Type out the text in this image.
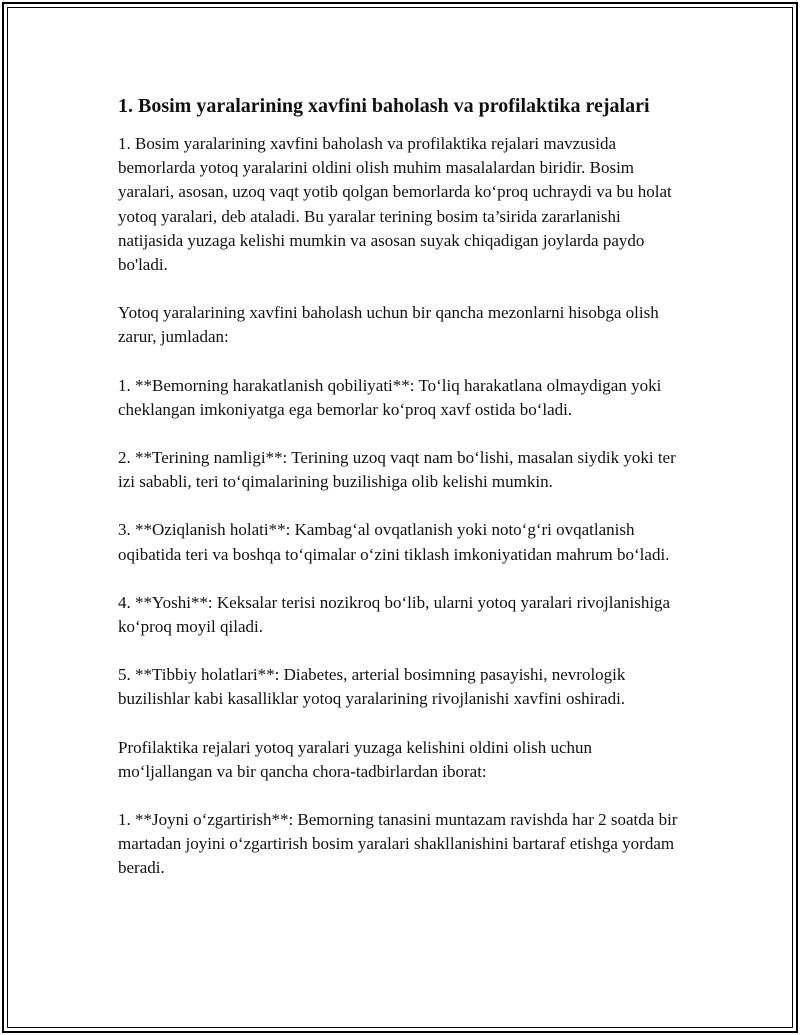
1. Bosim yaralarining xavfini baholash va profilaktika rejalari

1. Bosim yaralarining xavfini baholash va profilaktika rejalari mavzusida bemorlarda yotoq yaralarini oldini olish muhim masalalardan biridir. Bosim yaralari, asosan, uzoq vaqt yotib qolgan bemorlarda ko‘proq uchraydi va bu holat yotoq yaralari, deb ataladi. Bu yaralar terining bosim ta’sirida zararlanishi natijasida yuzaga kelishi mumkin va asosan suyak chiqadigan joylarda paydo bo'ladi.

Yotoq yaralarining xavfini baholash uchun bir qancha mezonlarni hisobga olish zarur, jumladan:

1. **Bemorning harakatlanish qobiliyati**: To‘liq harakatlana olmaydigan yoki cheklangan imkoniyatga ega bemorlar ko‘proq xavf ostida bo‘ladi.

2. **Terining namligi**: Terining uzoq vaqt nam bo‘lishi, masalan siydik yoki ter izi sababli, teri to‘qimalarining buzilishiga olib kelishi mumkin.

3. **Oziqlanish holati**: Kambag‘al ovqatlanish yoki noto‘g‘ri ovqatlanish oqibatida teri va boshqa to‘qimalar o‘zini tiklash imkoniyatidan mahrum bo‘ladi.

4. **Yoshi**: Keksalar terisi nozikroq bo‘lib, ularni yotoq yaralari rivojlanishiga ko‘proq moyil qiladi.

5. **Tibbiy holatlari**: Diabetes, arterial bosimning pasayishi, nevrologik buzilishlar kabi kasalliklar yotoq yaralarining rivojlanishi xavfini oshiradi.

Profilaktika rejalari yotoq yaralari yuzaga kelishini oldini olish uchun mo‘ljallangan va bir qancha chora-tadbirlardan iborat:

1. **Joyni o‘zgartirish**: Bemorning tanasini muntazam ravishda har 2 soatda bir martadan joyini o‘zgartirish bosim yaralari shakllanishini bartaraf etishga yordam beradi.
